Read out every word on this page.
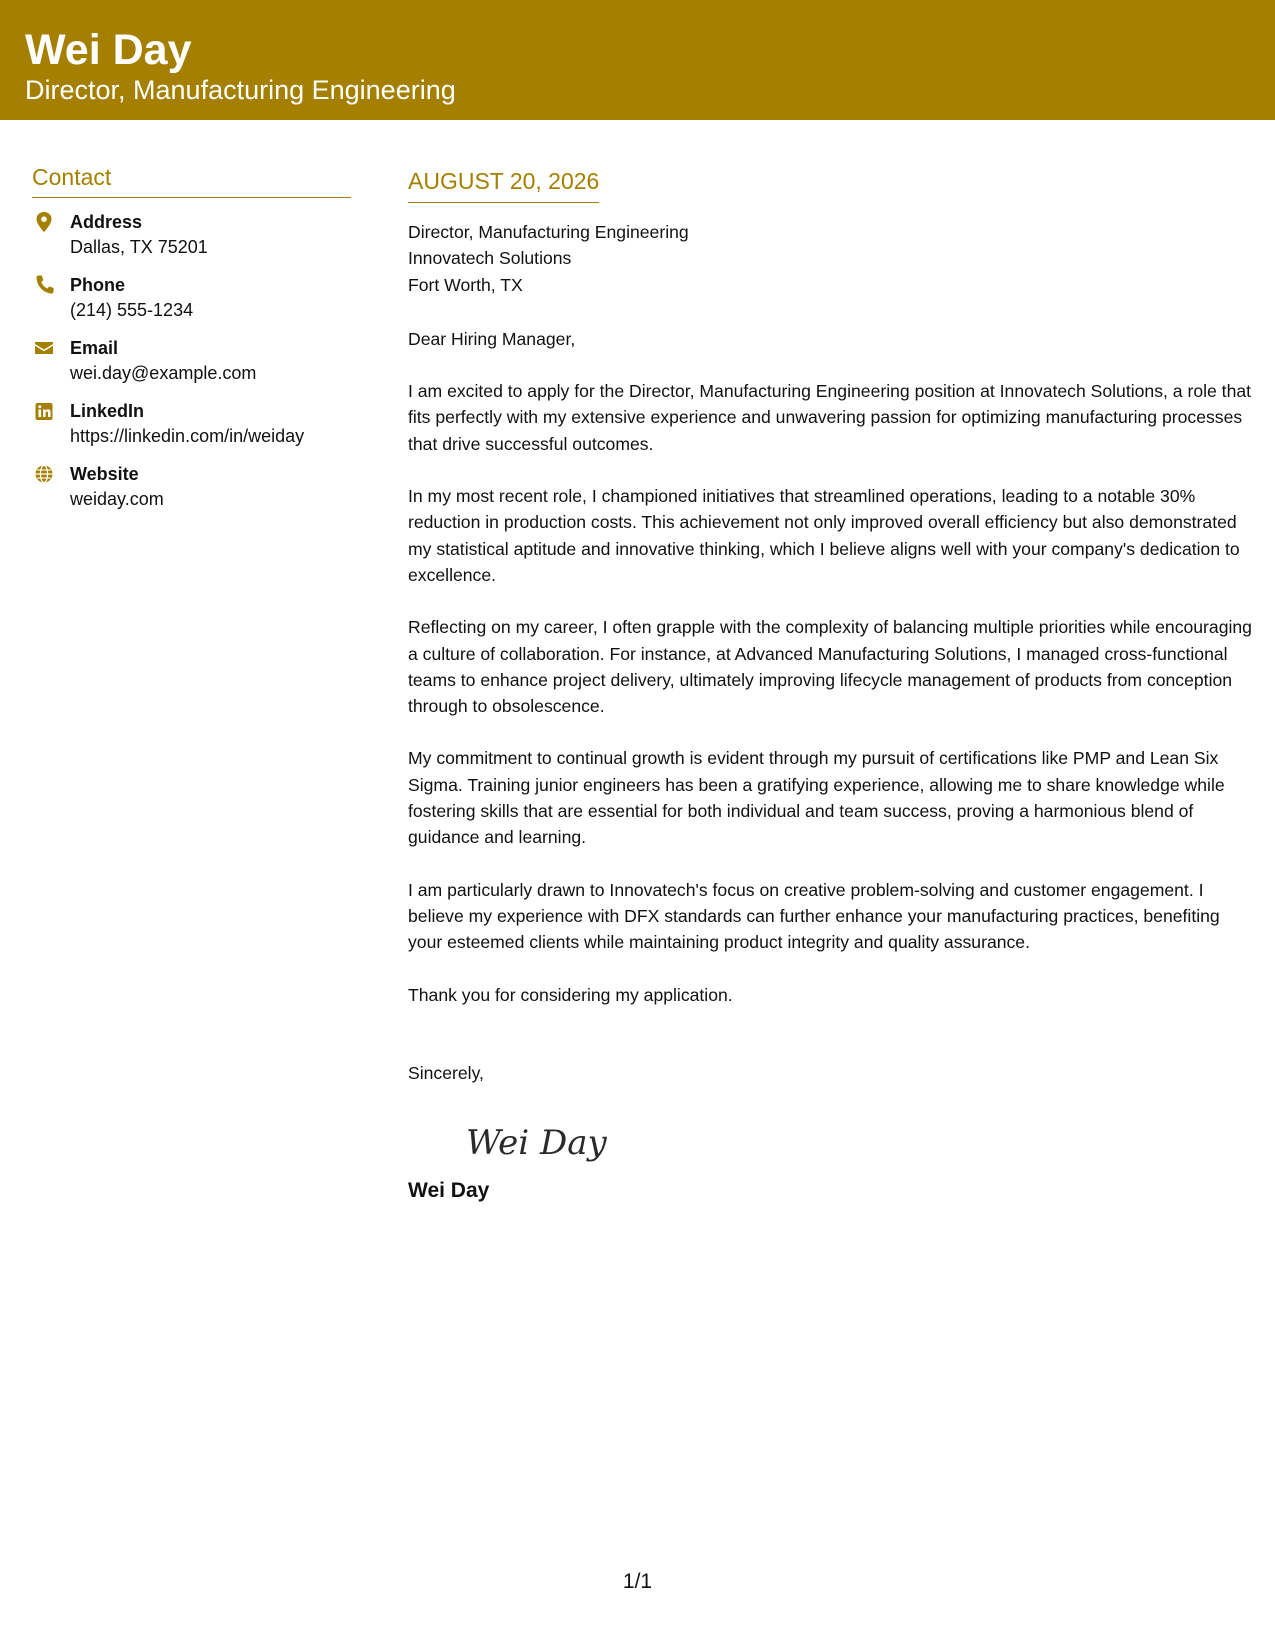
Wei Day
Director, Manufacturing Engineering
Contact
Address
Dallas, TX 75201
Phone
(214) 555-1234
Email
wei.day@example.com
LinkedIn
https://linkedin.com/in/weiday
Website
weiday.com
AUGUST 20, 2026
Director, Manufacturing Engineering
Innovatech Solutions
Fort Worth, TX
Dear Hiring Manager,
I am excited to apply for the Director, Manufacturing Engineering position at Innovatech Solutions, a role that fits perfectly with my extensive experience and unwavering passion for optimizing manufacturing processes that drive successful outcomes.
In my most recent role, I championed initiatives that streamlined operations, leading to a notable 30% reduction in production costs. This achievement not only improved overall efficiency but also demonstrated my statistical aptitude and innovative thinking, which I believe aligns well with your company's dedication to excellence.
Reflecting on my career, I often grapple with the complexity of balancing multiple priorities while encouraging a culture of collaboration. For instance, at Advanced Manufacturing Solutions, I managed cross-functional teams to enhance project delivery, ultimately improving lifecycle management of products from conception through to obsolescence.
My commitment to continual growth is evident through my pursuit of certifications like PMP and Lean Six Sigma. Training junior engineers has been a gratifying experience, allowing me to share knowledge while fostering skills that are essential for both individual and team success, proving a harmonious blend of guidance and learning.
I am particularly drawn to Innovatech's focus on creative problem-solving and customer engagement. I believe my experience with DFX standards can further enhance your manufacturing practices, benefiting your esteemed clients while maintaining product integrity and quality assurance.
Thank you for considering my application.
Sincerely,
Wei Day
Wei Day
1/1
